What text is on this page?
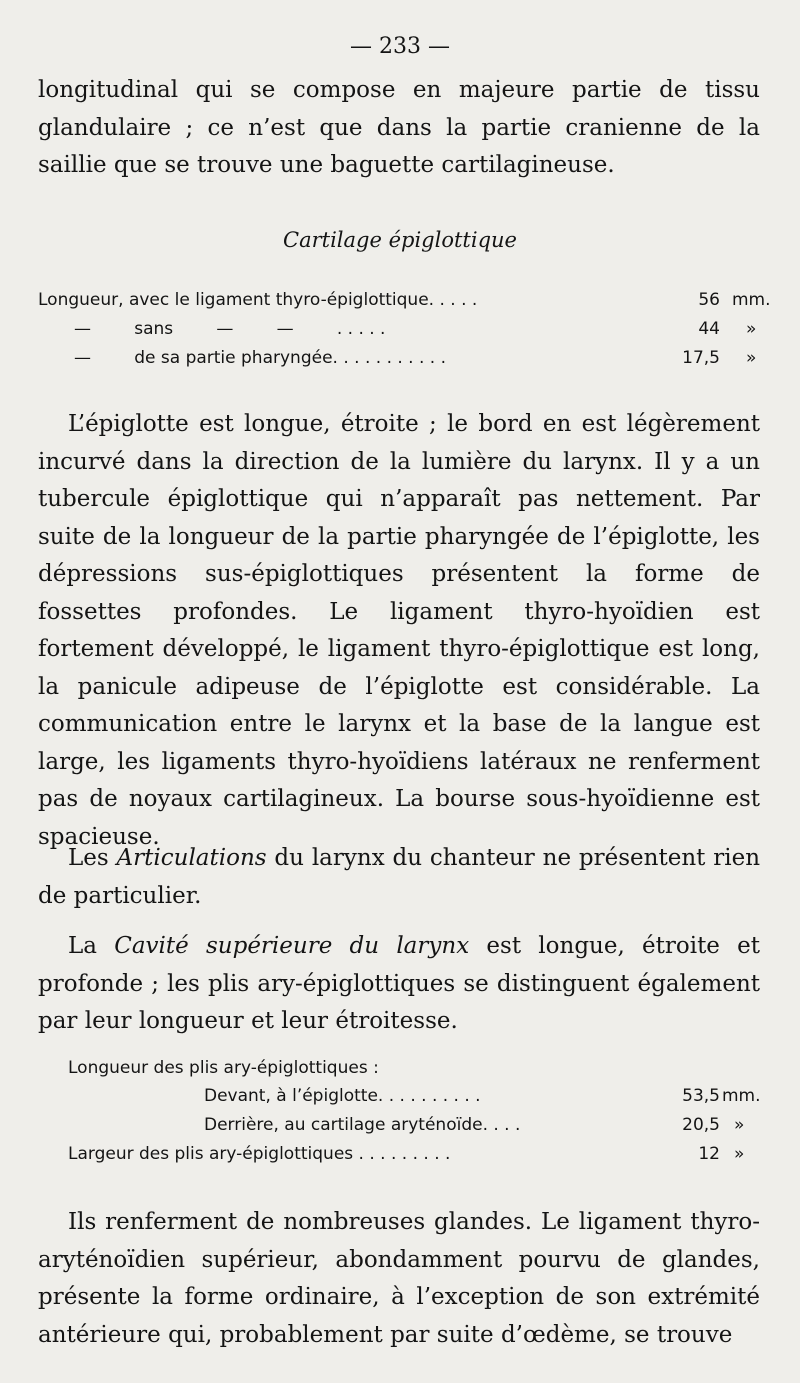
— 233 —

longitudinal qui se compose en majeure partie de tissu glandulaire ; ce n’est que dans la partie cranienne de la saillie que se trouve une baguette cartilagineuse.

Cartilage épiglottique
Longueur, avec le ligament thyro-épiglottique. . . . .	56 mm.
—        sans        —        —        . . . . .	44 »
—        de sa partie pharyngée. . . . . . . . . . .	17,5 »

L’épiglotte est longue, étroite ; le bord en est légèrement incurvé dans la direction de la lumière du larynx. Il y a un tubercule épiglottique qui n’apparaît pas nettement. Par suite de la longueur de la partie pharyngée de l’épiglotte, les dépressions sus-épiglottiques présentent la forme de fossettes profondes. Le ligament thyro-hyoïdien est fortement développé, le ligament thyro-épiglottique est long, la panicule adipeuse de l’épiglotte est considérable. La communication entre le larynx et la base de la langue est large, les ligaments thyro-hyoïdiens latéraux ne renferment pas de noyaux cartilagineux. La bourse sous-hyoïdienne est spacieuse.

Les Articulations du larynx du chanteur ne présentent rien de particulier.

La Cavité supérieure du larynx est longue, étroite et profonde ; les plis ary-épiglottiques se distinguent également par leur longueur et leur étroitesse.

Longueur des plis ary-épiglottiques :
Devant, à l’épiglotte. . . . . . . . . .	53,5 mm.
Derrière, au cartilage aryténoïde. . . .	20,5 »
Largeur des plis ary-épiglottiques . . . . . . . . .	12 »

Ils renferment de nombreuses glandes. Le ligament thyro-aryténoïdien supérieur, abondamment pourvu de glandes, présente la forme ordinaire, à l’exception de son extrémité antérieure qui, probablement par suite d’œdème, se trouve
